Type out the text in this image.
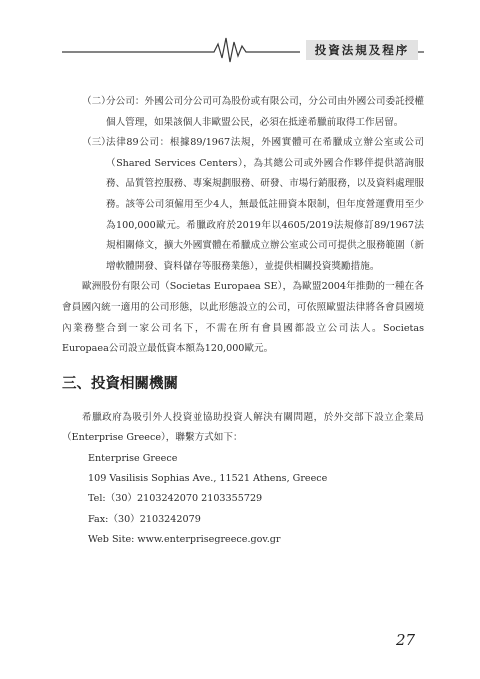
投資法規及程序
（二）
分公司：外國公司分公司可為股份或有限公司，分公司由外國公司委託授權個人管理，如果該個人非歐盟公民，必須在抵達希臘前取得工作居留。
（三）
法律89公司：根據89/1967法規，外國實體可在希臘成立辦公室或公司（Shared Services Centers），為其總公司或外國合作夥伴提供諮詢服務、品質管控服務、專案規劃服務、研發、市場行銷服務，以及資料處理服務。該等公司須僱用至少4人，無最低註冊資本限制，但年度營運費用至少為100,000歐元。希臘政府於2019年以4605/2019法規修訂89/1967法規相關條文，擴大外國實體在希臘成立辦公室或公司可提供之服務範圍（新增軟體開發、資料儲存等服務業態），並提供相關投資獎勵措施。

歐洲股份有限公司（Societas Europaea SE），為歐盟2004年推動的一種在各會員國內統一適用的公司形態，以此形態設立的公司，可依照歐盟法律將各會員國境內業務整合到一家公司名下，不需在所有會員國都設立公司法人。Societas Europaea公司設立最低資本額為120,000歐元。

三、投資相關機關

希臘政府為吸引外人投資並協助投資人解決有關問題，於外交部下設立企業局（Enterprise Greece），聯繫方式如下：

Enterprise Greece
109 Vasilisis Sophias Ave., 11521 Athens, Greece
Tel:（30）2103242070 2103355729
Fax:（30）2103242079
Web Site: www.enterprisegreece.gov.gr
27
